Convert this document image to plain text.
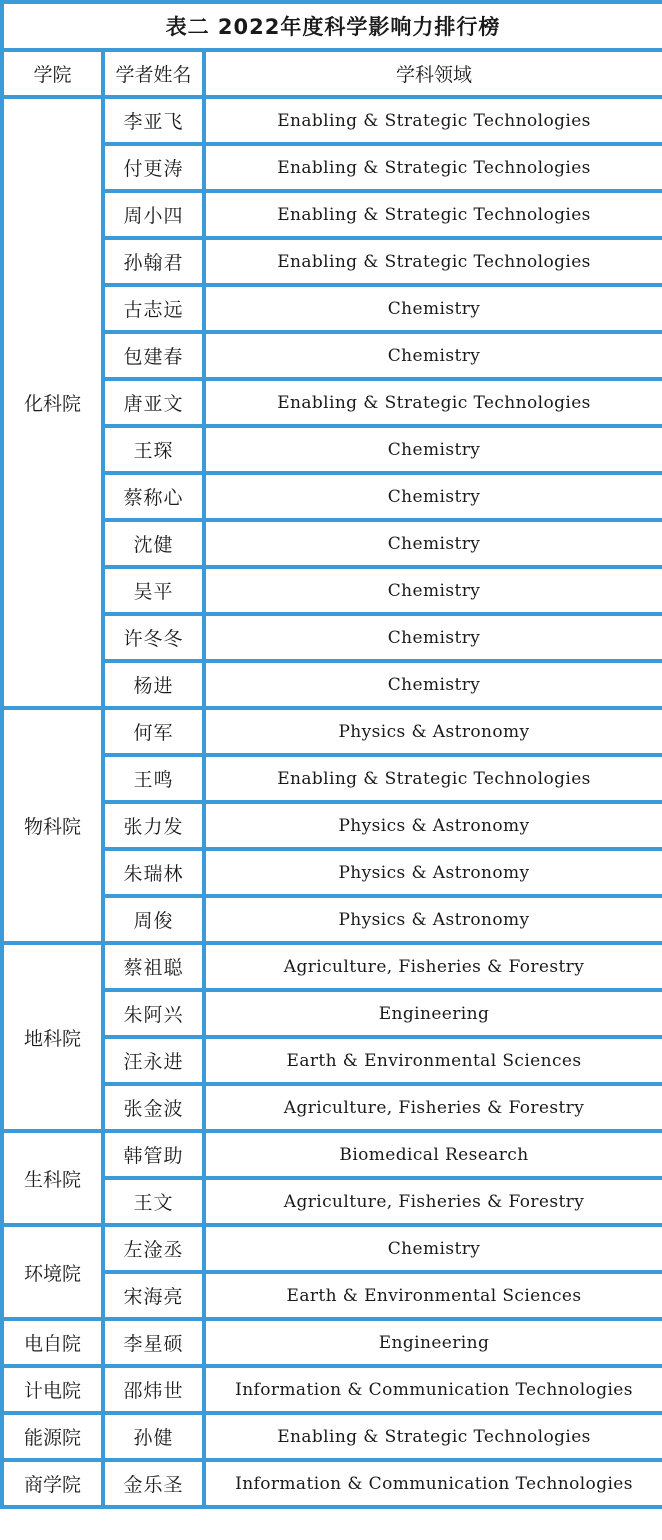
表二 2022年度科学影响力排行榜		
学院	学者姓名	学科领域
化科院	李亚飞	Enabling & Strategic Technologies
	付更涛	Enabling & Strategic Technologies
	周小四	Enabling & Strategic Technologies
	孙翰君	Enabling & Strategic Technologies
	古志远	Chemistry
	包建春	Chemistry
	唐亚文	Enabling & Strategic Technologies
	王琛	Chemistry
	蔡称心	Chemistry
	沈健	Chemistry
	吴平	Chemistry
	许冬冬	Chemistry
	杨进	Chemistry
物科院	何军	Physics & Astronomy
	王鸣	Enabling & Strategic Technologies
	张力发	Physics & Astronomy
	朱瑞林	Physics & Astronomy
	周俊	Physics & Astronomy
地科院	蔡祖聪	Agriculture, Fisheries & Forestry
	朱阿兴	Engineering
	汪永进	Earth & Environmental Sciences
	张金波	Agriculture, Fisheries & Forestry
生科院	韩管助	Biomedical Research
	王文	Agriculture, Fisheries & Forestry
环境院	左淦丞	Chemistry
	宋海亮	Earth & Environmental Sciences
电自院	李星硕	Engineering
计电院	邵炜世	Information & Communication Technologies
能源院	孙健	Enabling & Strategic Technologies
商学院	金乐圣	Information & Communication Technologies
